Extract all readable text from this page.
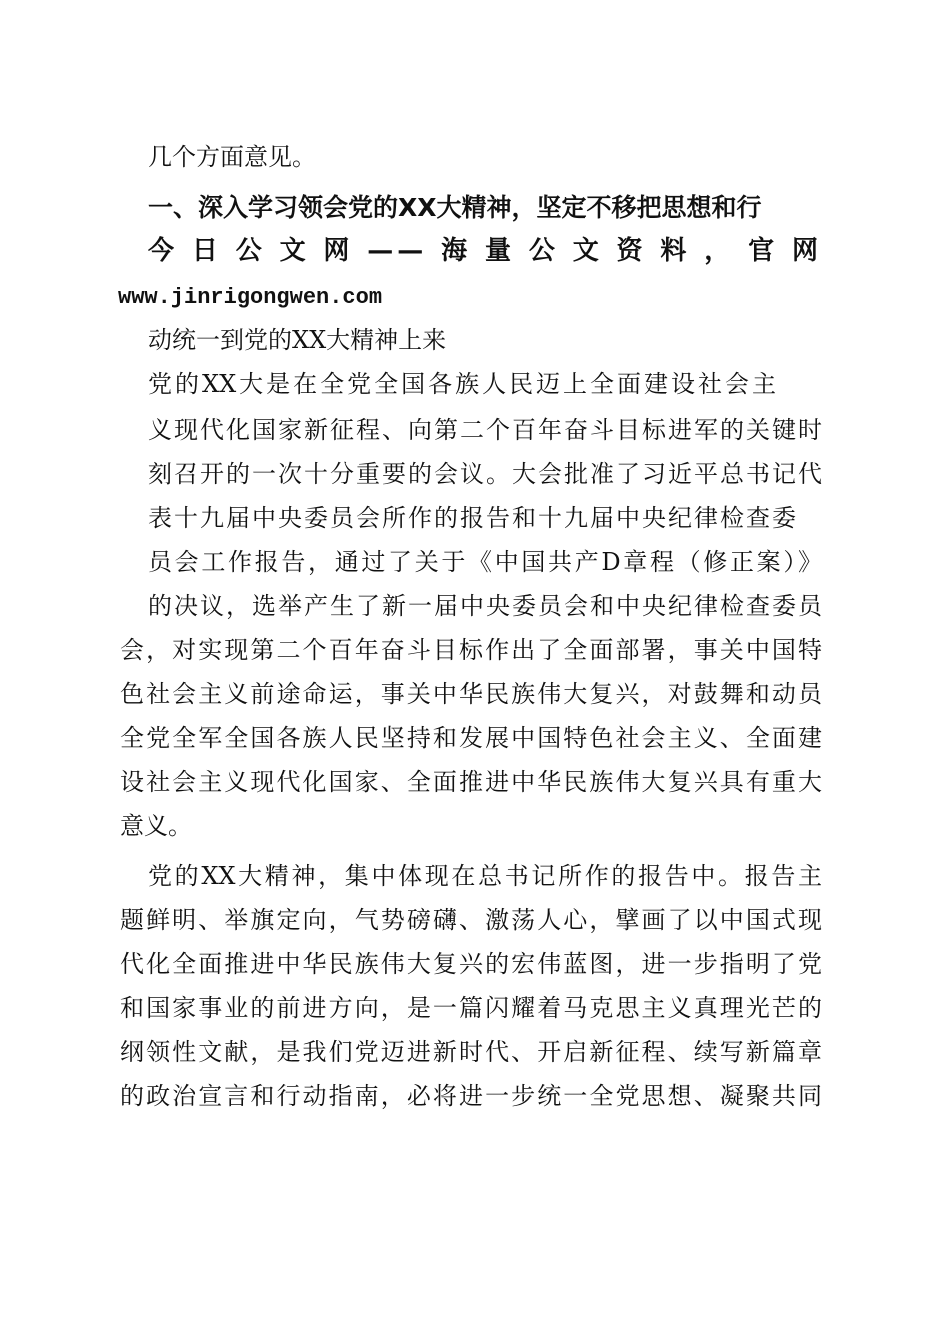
几个方面意见。
一、深入学习领会党的XX大精神，坚定不移把思想和行
今日公文网——海量公文资料，官网
www.jinrigongwen.com
动统一到党的XX大精神上来
党的XX大是在全党全国各族人民迈上全面建设社会主
义现代化国家新征程、向第二个百年奋斗目标进军的关键时
刻召开的一次十分重要的会议。大会批准了习近平总书记代
表十九届中央委员会所作的报告和十九届中央纪律检查委
员会工作报告，通过了关于《中国共产D章程（修正案）》
的决议，选举产生了新一届中央委员会和中央纪律检查委员
会，对实现第二个百年奋斗目标作出了全面部署，事关中国特
色社会主义前途命运，事关中华民族伟大复兴，对鼓舞和动员
全党全军全国各族人民坚持和发展中国特色社会主义、全面建
设社会主义现代化国家、全面推进中华民族伟大复兴具有重大
意义。
党的XX大精神，集中体现在总书记所作的报告中。报告主
题鲜明、举旗定向，气势磅礴、激荡人心，擘画了以中国式现
代化全面推进中华民族伟大复兴的宏伟蓝图，进一步指明了党
和国家事业的前进方向，是一篇闪耀着马克思主义真理光芒的
纲领性文献，是我们党迈进新时代、开启新征程、续写新篇章
的政治宣言和行动指南，必将进一步统一全党思想、凝聚共同
